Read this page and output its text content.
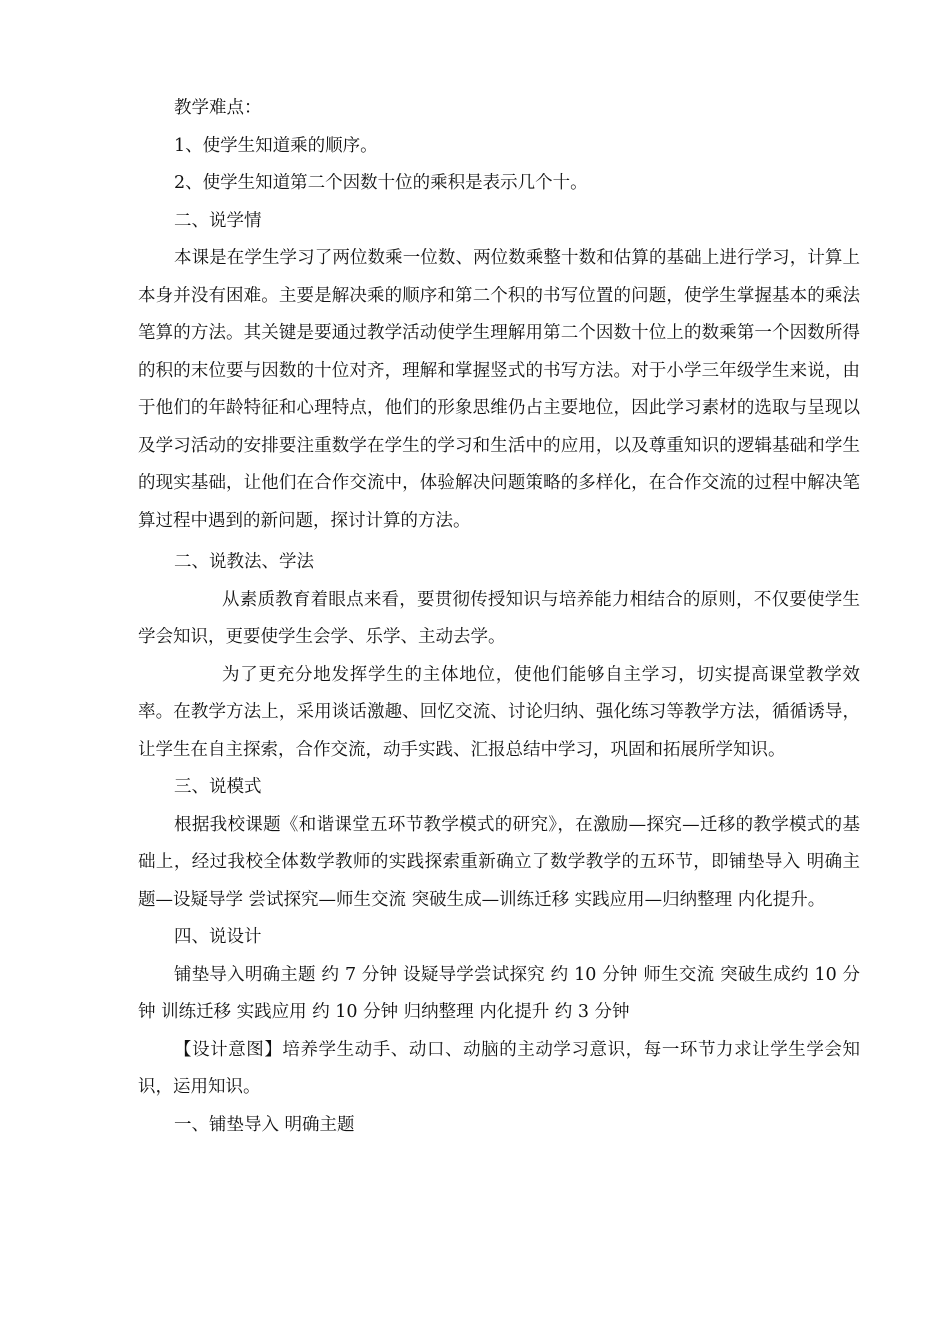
教学难点：

1、使学生知道乘的顺序。

2、使学生知道第二个因数十位的乘积是表示几个十。

二、说学情

本课是在学生学习了两位数乘一位数、两位数乘整十数和估算的基础上进行学习，计算上本身并没有困难。主要是解决乘的顺序和第二个积的书写位置的问题，使学生掌握基本的乘法笔算的方法。其关键是要通过教学活动使学生理解用第二个因数十位上的数乘第一个因数所得的积的末位要与因数的十位对齐，理解和掌握竖式的书写方法。对于小学三年级学生来说，由于他们的年龄特征和心理特点，他们的形象思维仍占主要地位，因此学习素材的选取与呈现以及学习活动的安排要注重数学在学生的学习和生活中的应用，以及尊重知识的逻辑基础和学生的现实基础，让他们在合作交流中，体验解决问题策略的多样化，在合作交流的过程中解决笔算过程中遇到的新问题，探讨计算的方法。

二、说教法、学法

从素质教育着眼点来看，要贯彻传授知识与培养能力相结合的原则，不仅要使学生学会知识，更要使学生会学、乐学、主动去学。

为了更充分地发挥学生的主体地位，使他们能够自主学习，切实提高课堂教学效率。在教学方法上，采用谈话激趣、回忆交流、讨论归纳、强化练习等教学方法，循循诱导，让学生在自主探索，合作交流，动手实践、汇报总结中学习，巩固和拓展所学知识。

三、说模式

根据我校课题《和谐课堂五环节教学模式的研究》，在激励—探究—迁移的教学模式的基础上，经过我校全体数学教师的实践探索重新确立了数学教学的五环节，即铺垫导入 明确主题—设疑导学 尝试探究—师生交流 突破生成—训练迁移 实践应用—归纳整理 内化提升。

四、说设计

铺垫导入明确主题 约 7 分钟 设疑导学尝试探究 约 10 分钟 师生交流 突破生成约 10 分钟 训练迁移 实践应用 约 10 分钟 归纳整理 内化提升 约 3 分钟

【设计意图】培养学生动手、动口、动脑的主动学习意识，每一环节力求让学生学会知识，运用知识。

一、铺垫导入 明确主题
